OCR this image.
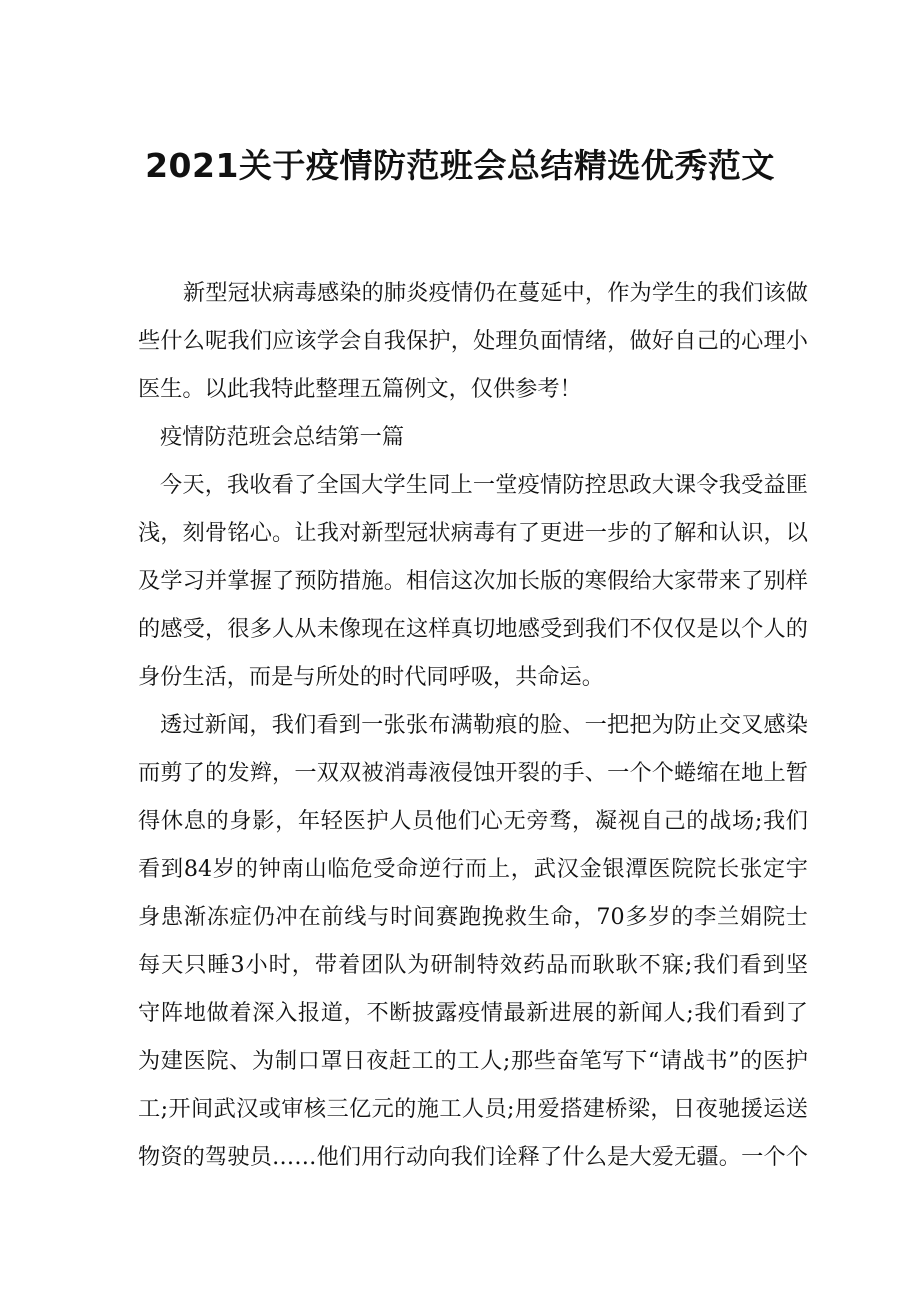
2021关于疫情防范班会总结精选优秀范文
新型冠状病毒感染的肺炎疫情仍在蔓延中，作为学生的我们该做
些什么呢我们应该学会自我保护，处理负面情绪，做好自己的心理小
医生。以此我特此整理五篇例文，仅供参考！
疫情防范班会总结第一篇
今天，我收看了全国大学生同上一堂疫情防控思政大课令我受益匪
浅，刻骨铭心。让我对新型冠状病毒有了更进一步的了解和认识，以
及学习并掌握了预防措施。相信这次加长版的寒假给大家带来了别样
的感受，很多人从未像现在这样真切地感受到我们不仅仅是以个人的
身份生活，而是与所处的时代同呼吸，共命运。
透过新闻，我们看到一张张布满勒痕的脸、一把把为防止交叉感染
而剪了的发辫，一双双被消毒液侵蚀开裂的手、一个个蜷缩在地上暂
得休息的身影，年轻医护人员他们心无旁骛，凝视自己的战场;我们
看到84岁的钟南山临危受命逆行而上，武汉金银潭医院院长张定宇
身患渐冻症仍冲在前线与时间赛跑挽救生命，70多岁的李兰娟院士
每天只睡3小时，带着团队为研制特效药品而耿耿不寐;我们看到坚
守阵地做着深入报道，不断披露疫情最新进展的新闻人;我们看到了
为建医院、为制口罩日夜赶工的工人;那些奋笔写下“请战书”的医护
工;开间武汉或审核三亿元的施工人员;用爱搭建桥梁，日夜驰援运送
物资的驾驶员……他们用行动向我们诠释了什么是大爱无疆。一个个
